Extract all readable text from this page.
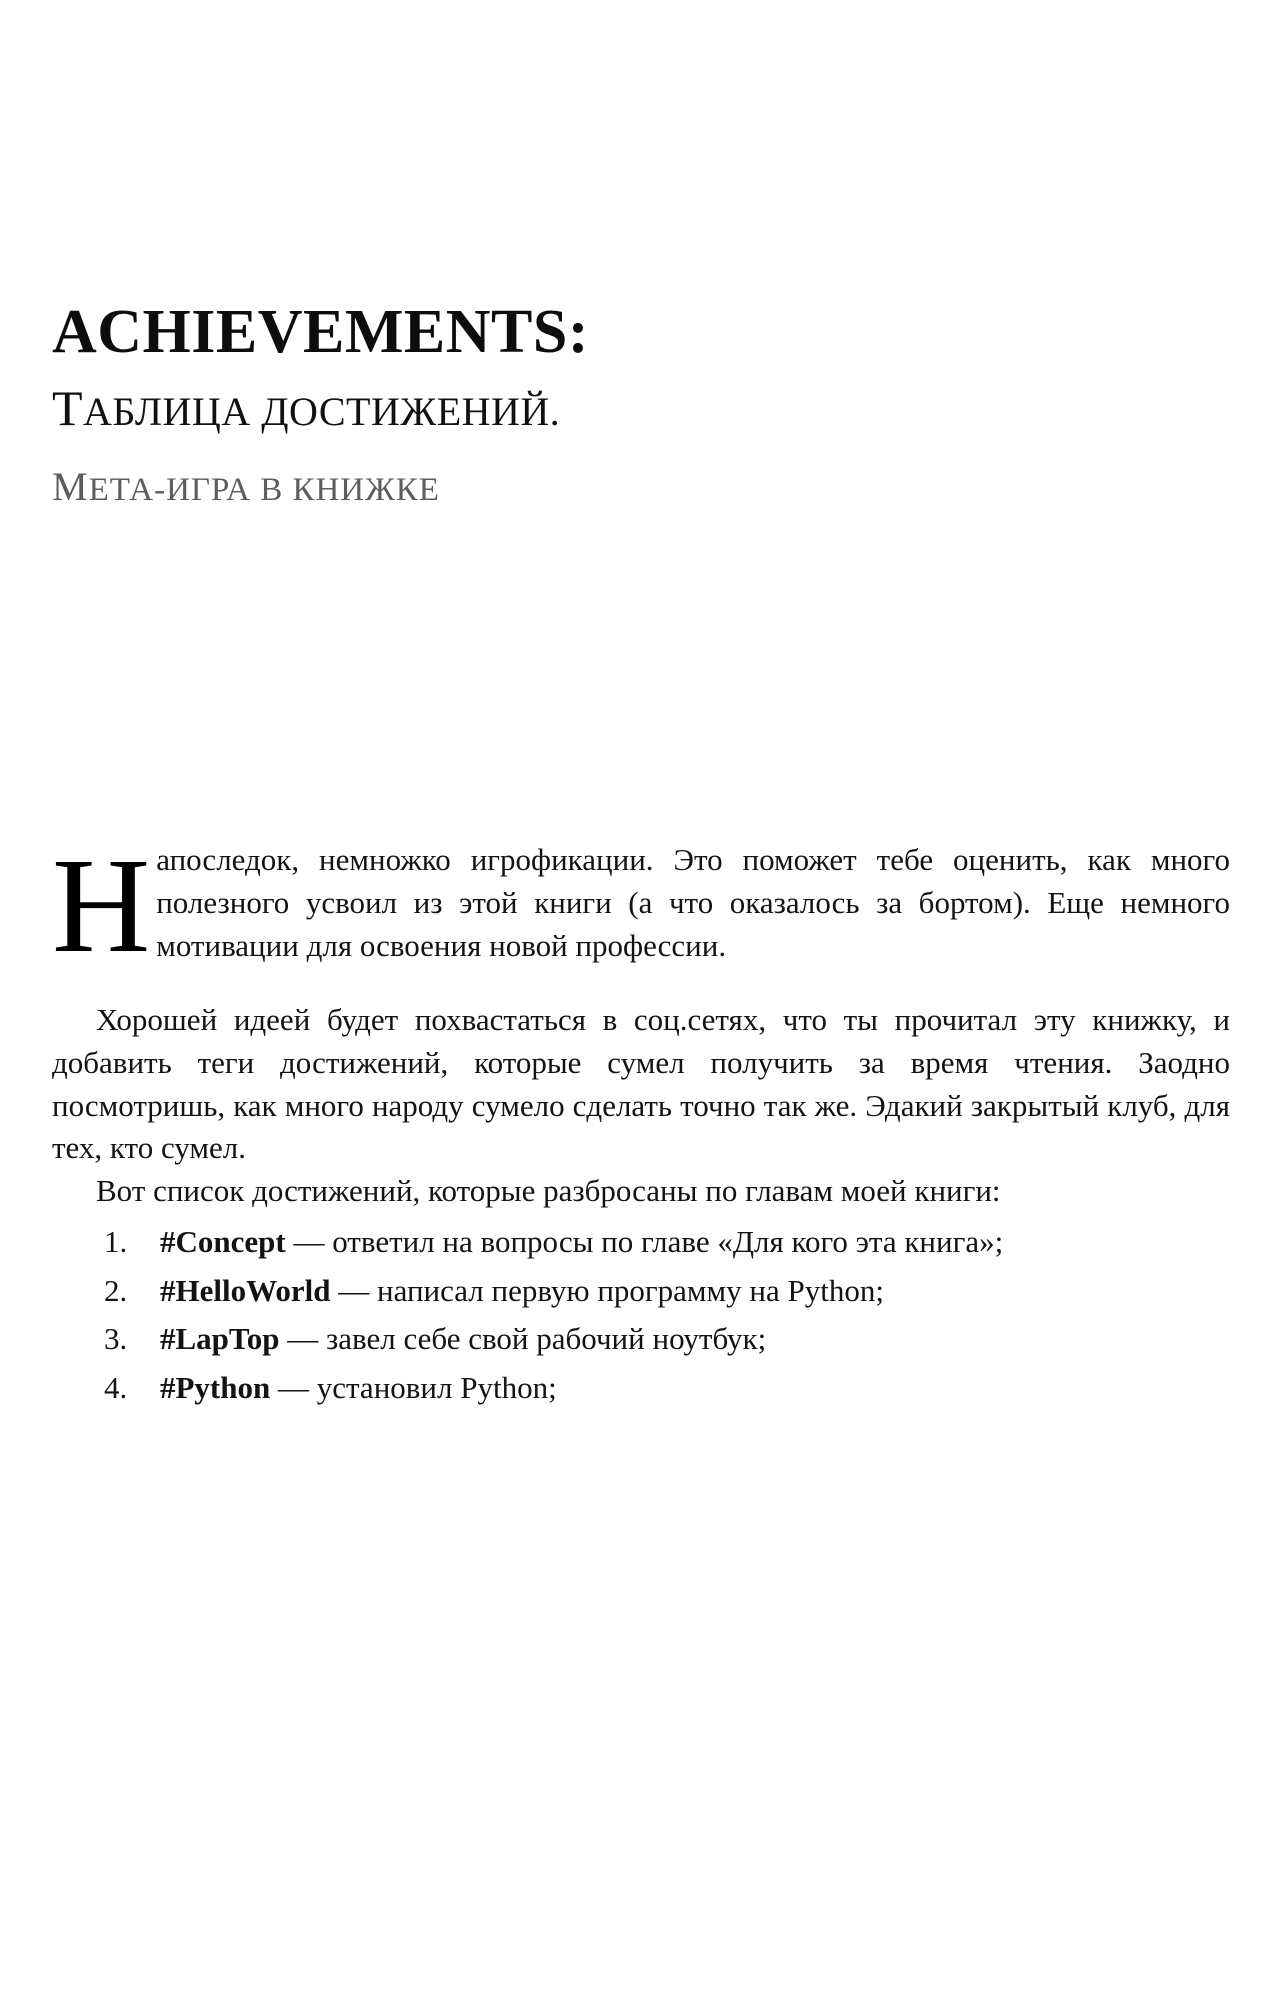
ACHIEVEMENTS:
ТАБЛИЦА ДОСТИЖЕНИЙ.
МЕТА-ИГРА В КНИЖКЕ

Напоследок, немножко игрофикации. Это поможет тебе оценить, как много полезного усвоил из этой книги (а что оказалось за бортом). Еще немного мотивации для освоения новой профессии.

Хорошей идеей будет похвастаться в соц.сетях, что ты прочитал эту книжку, и добавить теги достижений, которые сумел получить за время чтения. Заодно посмотришь, как много народу сумело сделать точно так же. Эдакий закрытый клуб, для тех, кто сумел.

Вот список достижений, которые разбросаны по главам моей книги:

1.	#Concept — ответил на вопросы по главе «Для кого эта книга»;
2.	#HelloWorld — написал первую программу на Python;
3.	#LapTop — завел себе свой рабочий ноутбук;
4.	#Python — установил Python;
